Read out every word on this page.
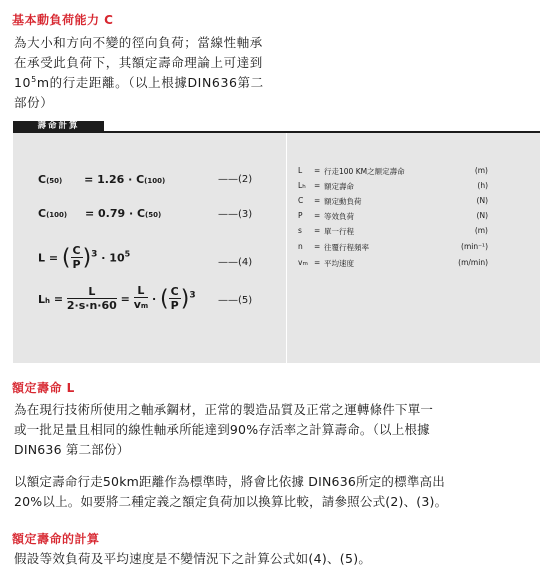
基本動負荷能力 C
為大小和方向不變的徑向負荷；當線性軸承
在承受此負荷下，其額定壽命理論上可達到
$10^5m$的行走距離。（以上根據DIN636第二
部份）
壽命計算
C(50) = 1.26 · C(100)	——(2)
C(100) = 0.79 · C(50)	——(3)
L = ( $\frac{C}{P} )^3 \cdot 10^5$
——(4)
$Lh = \frac{L}{2\cdot s\cdot n\cdot 60} = \frac{L}{vm}$ · ( $\frac{C}{P} )^3$ ——(5)
L = 行走100 KM之額定壽命	(m)
Lh = 額定壽命	(h)
C = 額定動負荷	(N)
P = 等效負荷	(N)
s = 單一行程	(m)
n = 往覆行程頻率	(min⁻¹)
vm = 平均速度	(m/min)
額定壽命 L
為在現行技術所使用之軸承鋼材，正常的製造品質及正常之運轉條件下單一
或一批足量且相同的線性軸承所能達到90%存活率之計算壽命。（以上根據
DIN636 第二部份）
以額定壽命行走50km距離作為標準時，將會比依據 DIN636所定的標準高出
20%以上。如要將二種定義之額定負荷加以換算比較，請參照公式(2)、(3)。
額定壽命的計算
假設等效負荷及平均速度是不變情況下之計算公式如(4)、(5)。
